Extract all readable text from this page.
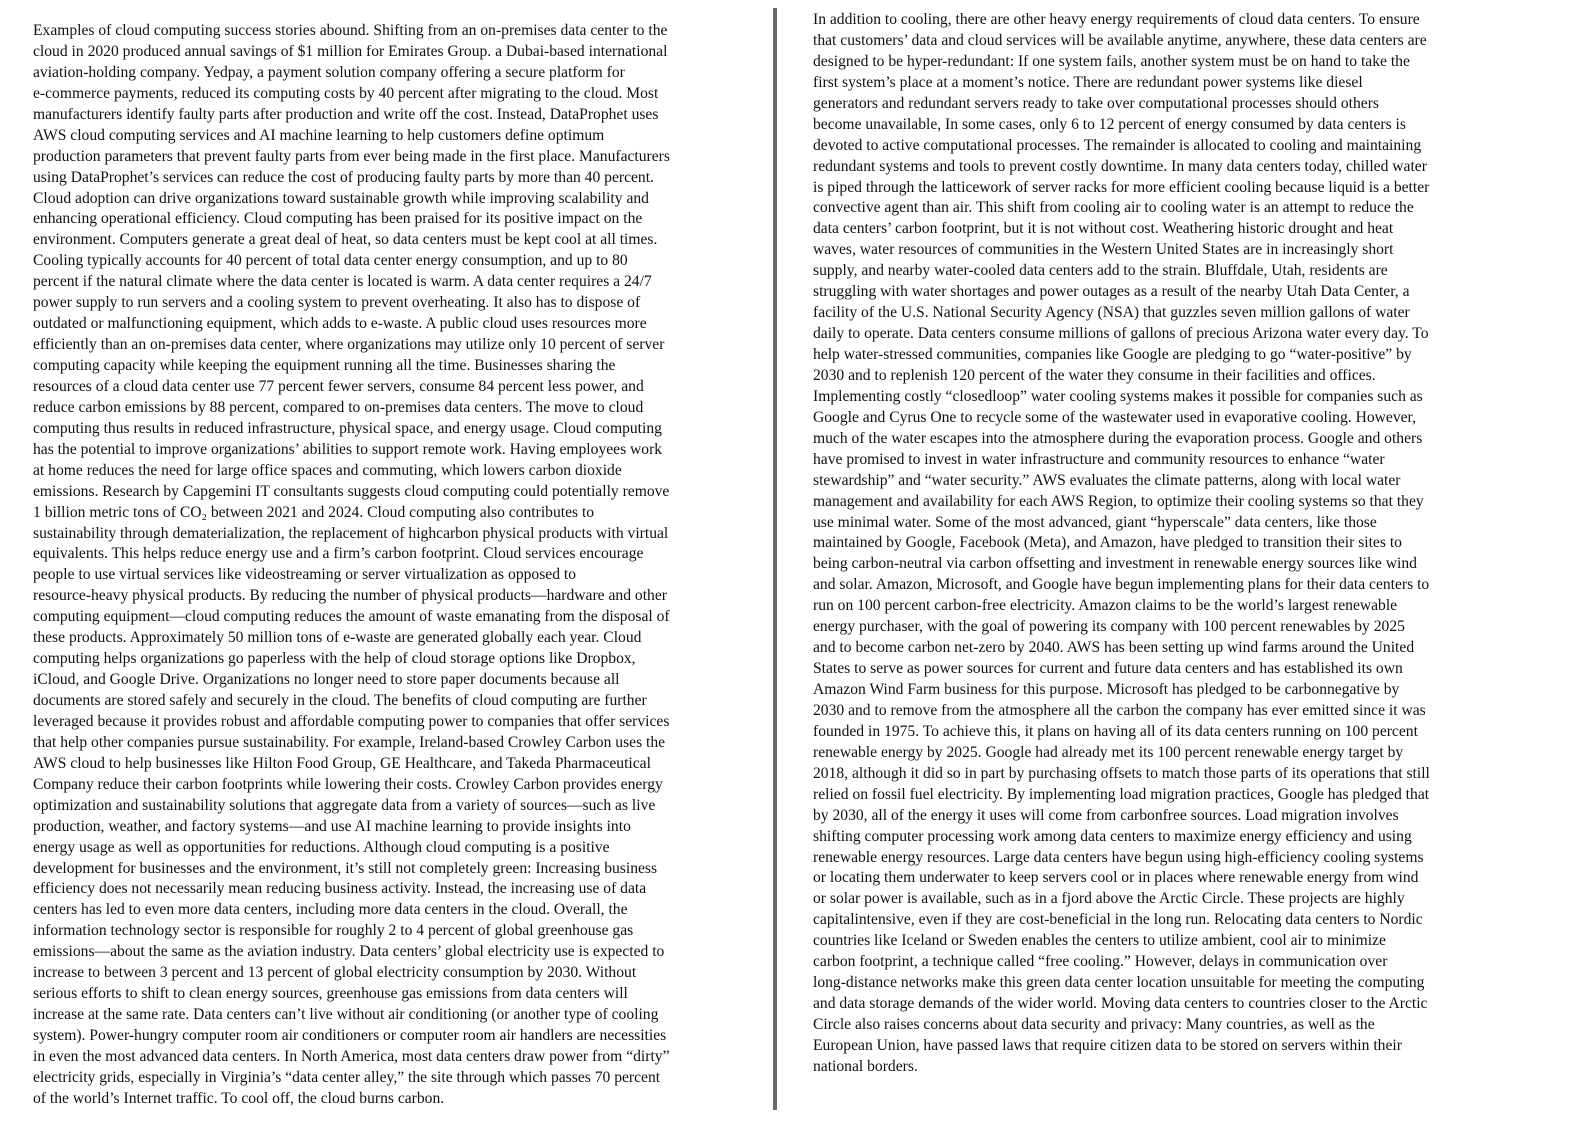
Examples of cloud computing success stories abound. Shifting from an on-premises data center to the
cloud in 2020 produced annual savings of $1 million for Emirates Group. a Dubai-based international
aviation-holding company. Yedpay, a payment solution company offering a secure platform for
e-commerce payments, reduced its computing costs by 40 percent after migrating to the cloud. Most
manufacturers identify faulty parts after production and write off the cost. Instead, DataProphet uses
AWS cloud computing services and AI machine learning to help customers define optimum
production parameters that prevent faulty parts from ever being made in the first place. Manufacturers
using DataProphet’s services can reduce the cost of producing faulty parts by more than 40 percent.
Cloud adoption can drive organizations toward sustainable growth while improving scalability and
enhancing operational efficiency. Cloud computing has been praised for its positive impact on the
environment. Computers generate a great deal of heat, so data centers must be kept cool at all times.
Cooling typically accounts for 40 percent of total data center energy consumption, and up to 80
percent if the natural climate where the data center is located is warm. A data center requires a 24/7
power supply to run servers and a cooling system to prevent overheating. It also has to dispose of
outdated or malfunctioning equipment, which adds to e-waste. A public cloud uses resources more
efficiently than an on-premises data center, where organizations may utilize only 10 percent of server
computing capacity while keeping the equipment running all the time. Businesses sharing the
resources of a cloud data center use 77 percent fewer servers, consume 84 percent less power, and
reduce carbon emissions by 88 percent, compared to on-premises data centers. The move to cloud
computing thus results in reduced infrastructure, physical space, and energy usage. Cloud computing
has the potential to improve organizations’ abilities to support remote work. Having employees work
at home reduces the need for large office spaces and commuting, which lowers carbon dioxide
emissions. Research by Capgemini IT consultants suggests cloud computing could potentially remove
1 billion metric tons of CO₂ between 2021 and 2024. Cloud computing also contributes to
sustainability through dematerialization, the replacement of highcarbon physical products with virtual
equivalents. This helps reduce energy use and a firm’s carbon footprint. Cloud services encourage
people to use virtual services like videostreaming or server virtualization as opposed to
resource-heavy physical products. By reducing the number of physical products―hardware and other
computing equipment―cloud computing reduces the amount of waste emanating from the disposal of
these products. Approximately 50 million tons of e-waste are generated globally each year. Cloud
computing helps organizations go paperless with the help of cloud storage options like Dropbox,
iCloud, and Google Drive. Organizations no longer need to store paper documents because all
documents are stored safely and securely in the cloud. The benefits of cloud computing are further
leveraged because it provides robust and affordable computing power to companies that offer services
that help other companies pursue sustainability. For example, Ireland-based Crowley Carbon uses the
AWS cloud to help businesses like Hilton Food Group, GE Healthcare, and Takeda Pharmaceutical
Company reduce their carbon footprints while lowering their costs. Crowley Carbon provides energy
optimization and sustainability solutions that aggregate data from a variety of sources—such as live
production, weather, and factory systems—and use AI machine learning to provide insights into
energy usage as well as opportunities for reductions. Although cloud computing is a positive
development for businesses and the environment, it’s still not completely green: Increasing business
efficiency does not necessarily mean reducing business activity. Instead, the increasing use of data
centers has led to even more data centers, including more data centers in the cloud. Overall, the
information technology sector is responsible for roughly 2 to 4 percent of global greenhouse gas
emissions—about the same as the aviation industry. Data centers’ global electricity use is expected to
increase to between 3 percent and 13 percent of global electricity consumption by 2030. Without
serious efforts to shift to clean energy sources, greenhouse gas emissions from data centers will
increase at the same rate. Data centers can’t live without air conditioning (or another type of cooling
system). Power-hungry computer room air conditioners or computer room air handlers are necessities
in even the most advanced data centers. In North America, most data centers draw power from “dirty”
electricity grids, especially in Virginia’s “data center alley,” the site through which passes 70 percent
of the world’s Internet traffic. To cool off, the cloud burns carbon.
In addition to cooling, there are other heavy energy requirements of cloud data centers. To ensure
that customers’ data and cloud services will be available anytime, anywhere, these data centers are
designed to be hyper-redundant: If one system fails, another system must be on hand to take the
first system’s place at a moment’s notice. There are redundant power systems like diesel
generators and redundant servers ready to take over computational processes should others
become unavailable, In some cases, only 6 to 12 percent of energy consumed by data centers is
devoted to active computational processes. The remainder is allocated to cooling and maintaining
redundant systems and tools to prevent costly downtime. In many data centers today, chilled water
is piped through the latticework of server racks for more efficient cooling because liquid is a better
convective agent than air. This shift from cooling air to cooling water is an attempt to reduce the
data centers’ carbon footprint, but it is not without cost. Weathering historic drought and heat
waves, water resources of communities in the Western United States are in increasingly short
supply, and nearby water-cooled data centers add to the strain. Bluffdale, Utah, residents are
struggling with water shortages and power outages as a result of the nearby Utah Data Center, a
facility of the U.S. National Security Agency (NSA) that guzzles seven million gallons of water
daily to operate. Data centers consume millions of gallons of precious Arizona water every day. To
help water-stressed communities, companies like Google are pledging to go “water-positive” by
2030 and to replenish 120 percent of the water they consume in their facilities and offices.
Implementing costly “closedloop” water cooling systems makes it possible for companies such as
Google and Cyrus One to recycle some of the wastewater used in evaporative cooling. However,
much of the water escapes into the atmosphere during the evaporation process. Google and others
have promised to invest in water infrastructure and community resources to enhance “water
stewardship” and “water security.” AWS evaluates the climate patterns, along with local water
management and availability for each AWS Region, to optimize their cooling systems so that they
use minimal water. Some of the most advanced, giant “hyperscale” data centers, like those
maintained by Google, Facebook (Meta), and Amazon, have pledged to transition their sites to
being carbon-neutral via carbon offsetting and investment in renewable energy sources like wind
and solar. Amazon, Microsoft, and Google have begun implementing plans for their data centers to
run on 100 percent carbon-free electricity. Amazon claims to be the world’s largest renewable
energy purchaser, with the goal of powering its company with 100 percent renewables by 2025
and to become carbon net-zero by 2040. AWS has been setting up wind farms around the United
States to serve as power sources for current and future data centers and has established its own
Amazon Wind Farm business for this purpose. Microsoft has pledged to be carbonnegative by
2030 and to remove from the atmosphere all the carbon the company has ever emitted since it was
founded in 1975. To achieve this, it plans on having all of its data centers running on 100 percent
renewable energy by 2025. Google had already met its 100 percent renewable energy target by
2018, although it did so in part by purchasing offsets to match those parts of its operations that still
relied on fossil fuel electricity. By implementing load migration practices, Google has pledged that
by 2030, all of the energy it uses will come from carbonfree sources. Load migration involves
shifting computer processing work among data centers to maximize energy efficiency and using
renewable energy resources. Large data centers have begun using high-efficiency cooling systems
or locating them underwater to keep servers cool or in places where renewable energy from wind
or solar power is available, such as in a fjord above the Arctic Circle. These projects are highly
capitalintensive, even if they are cost-beneficial in the long run. Relocating data centers to Nordic
countries like Iceland or Sweden enables the centers to utilize ambient, cool air to minimize
carbon footprint, a technique called “free cooling.” However, delays in communication over
long-distance networks make this green data center location unsuitable for meeting the computing
and data storage demands of the wider world. Moving data centers to countries closer to the Arctic
Circle also raises concerns about data security and privacy: Many countries, as well as the
European Union, have passed laws that require citizen data to be stored on servers within their
national borders.
